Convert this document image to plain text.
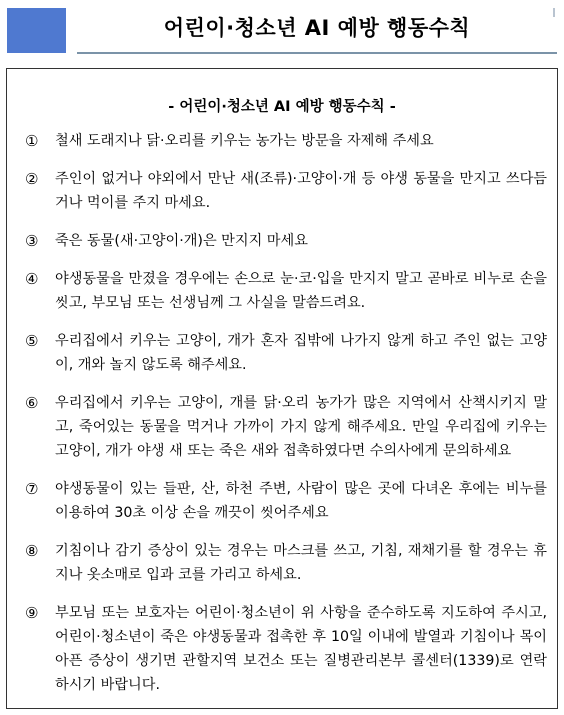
어린이·청소년 AI 예방 행동수칙
- 어린이·청소년 AI 예방 행동수칙 -
①	철새 도래지나 닭·오리를 키우는 농가는 방문을 자제해 주세요
②	주인이 없거나 야외에서 만난 새(조류)·고양이·개 등 야생 동물을 만지고 쓰다듬거나 먹이를 주지 마세요.
③	죽은 동물(새·고양이·개)은 만지지 마세요
④	야생동물을 만졌을 경우에는 손으로 눈·코·입을 만지지 말고 곧바로 비누로 손을 씻고, 부모님 또는 선생님께 그 사실을 말씀드려요.
⑤	우리집에서 키우는 고양이, 개가 혼자 집밖에 나가지 않게 하고 주인 없는 고양이, 개와 놀지 않도록 해주세요.
⑥	우리집에서 키우는 고양이, 개를 닭·오리 농가가 많은 지역에서 산책시키지 말고, 죽어있는 동물을 먹거나 가까이 가지 않게 해주세요. 만일 우리집에 키우는 고양이, 개가 야생 새 또는 죽은 새와 접촉하였다면 수의사에게 문의하세요
⑦	야생동물이 있는 들판, 산, 하천 주변, 사람이 많은 곳에 다녀온 후에는 비누를 이용하여 30초 이상 손을 깨끗이 씻어주세요
⑧	기침이나 감기 증상이 있는 경우는 마스크를 쓰고, 기침, 재채기를 할 경우는 휴지나 옷소매로 입과 코를 가리고 하세요.
⑨	부모님 또는 보호자는 어린이·청소년이 위 사항을 준수하도록 지도하여 주시고, 어린이·청소년이 죽은 야생동물과 접촉한 후 10일 이내에 발열과 기침이나 목이 아픈 증상이 생기면 관할지역 보건소 또는 질병관리본부 콜센터(1339)로 연락하시기 바랍니다.
